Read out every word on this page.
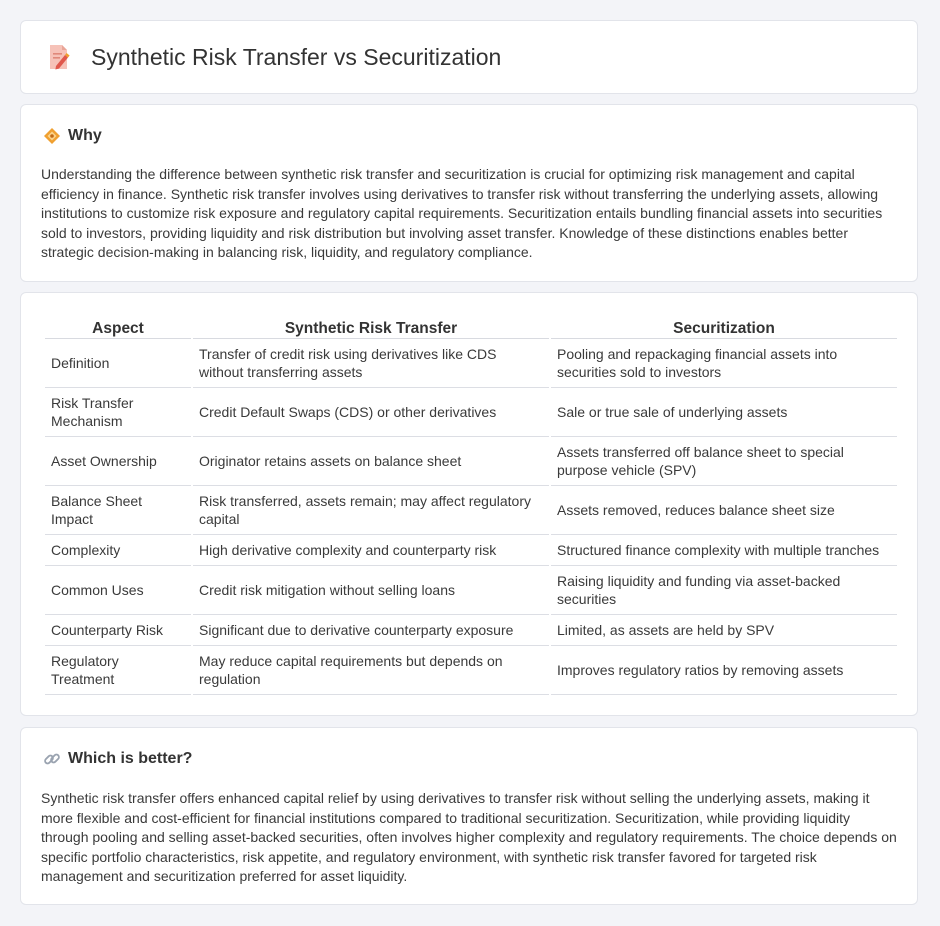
Synthetic Risk Transfer vs Securitization
Why
Understanding the difference between synthetic risk transfer and securitization is crucial for optimizing risk management and capital efficiency in finance. Synthetic risk transfer involves using derivatives to transfer risk without transferring the underlying assets, allowing institutions to customize risk exposure and regulatory capital requirements. Securitization entails bundling financial assets into securities sold to investors, providing liquidity and risk distribution but involving asset transfer. Knowledge of these distinctions enables better strategic decision-making in balancing risk, liquidity, and regulatory compliance.
Aspect	Synthetic Risk Transfer	Securitization
Definition	Transfer of credit risk using derivatives like CDS without transferring assets	Pooling and repackaging financial assets into securities sold to investors
Risk Transfer Mechanism	Credit Default Swaps (CDS) or other derivatives	Sale or true sale of underlying assets
Asset Ownership	Originator retains assets on balance sheet	Assets transferred off balance sheet to special purpose vehicle (SPV)
Balance Sheet Impact	Risk transferred, assets remain; may affect regulatory capital	Assets removed, reduces balance sheet size
Complexity	High derivative complexity and counterparty risk	Structured finance complexity with multiple tranches
Common Uses	Credit risk mitigation without selling loans	Raising liquidity and funding via asset-backed securities
Counterparty Risk	Significant due to derivative counterparty exposure	Limited, as assets are held by SPV
Regulatory Treatment	May reduce capital requirements but depends on regulation	Improves regulatory ratios by removing assets
Which is better?
Synthetic risk transfer offers enhanced capital relief by using derivatives to transfer risk without selling the underlying assets, making it more flexible and cost-efficient for financial institutions compared to traditional securitization. Securitization, while providing liquidity through pooling and selling asset-backed securities, often involves higher complexity and regulatory requirements. The choice depends on specific portfolio characteristics, risk appetite, and regulatory environment, with synthetic risk transfer favored for targeted risk management and securitization preferred for asset liquidity.
